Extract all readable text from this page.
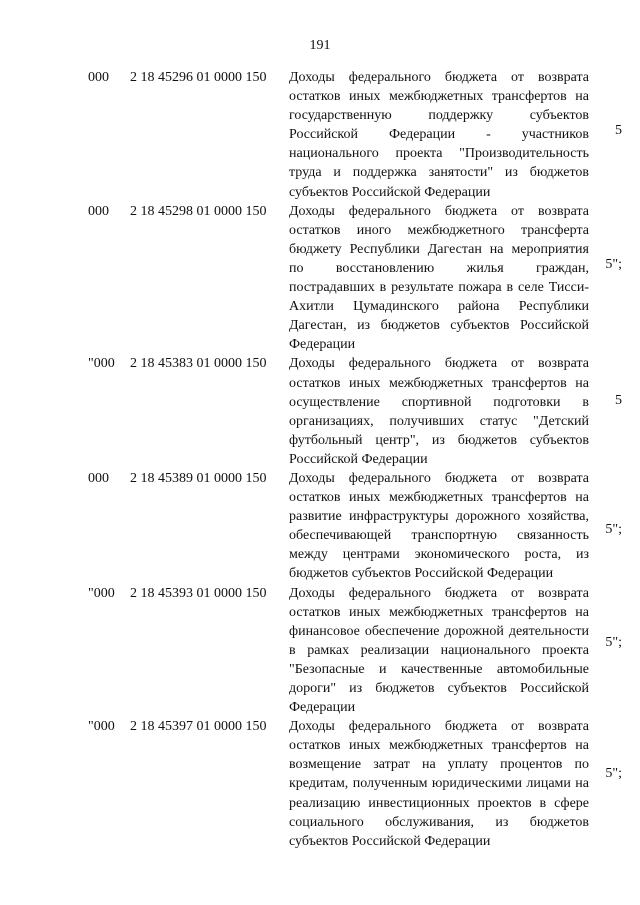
191
000 2 18 45296 01 0000 150 Доходы федерального бюджета от возврата остатков иных межбюджетных трансфертов на государственную поддержку субъектов Российской Федерации - участников национального проекта "Производительность труда и поддержка занятости" из бюджетов субъектов Российской Федерации
5
000 2 18 45298 01 0000 150 Доходы федерального бюджета от возврата остатков иного межбюджетного трансферта бюджету Республики Дагестан на мероприятия по восстановлению жилья граждан, пострадавших в результате пожара в селе Тисси-Ахитли Цумадинского района Республики Дагестан, из бюджетов субъектов Российской Федерации
5";
"000 2 18 45383 01 0000 150 Доходы федерального бюджета от возврата остатков иных межбюджетных трансфертов на осуществление спортивной подготовки в организациях, получивших статус "Детский футбольный центр", из бюджетов субъектов Российской Федерации
5
000 2 18 45389 01 0000 150 Доходы федерального бюджета от возврата остатков иных межбюджетных трансфертов на развитие инфраструктуры дорожного хозяйства, обеспечивающей транспортную связанность между центрами экономического роста, из бюджетов субъектов Российской Федерации
5";
"000 2 18 45393 01 0000 150 Доходы федерального бюджета от возврата остатков иных межбюджетных трансфертов на финансовое обеспечение дорожной деятельности в рамках реализации национального проекта "Безопасные и качественные автомобильные дороги" из бюджетов субъектов Российской Федерации
5";
"000 2 18 45397 01 0000 150 Доходы федерального бюджета от возврата остатков иных межбюджетных трансфертов на возмещение затрат на уплату процентов по кредитам, полученным юридическими лицами на реализацию инвестиционных проектов в сфере социального обслуживания, из бюджетов субъектов Российской Федерации
5";
